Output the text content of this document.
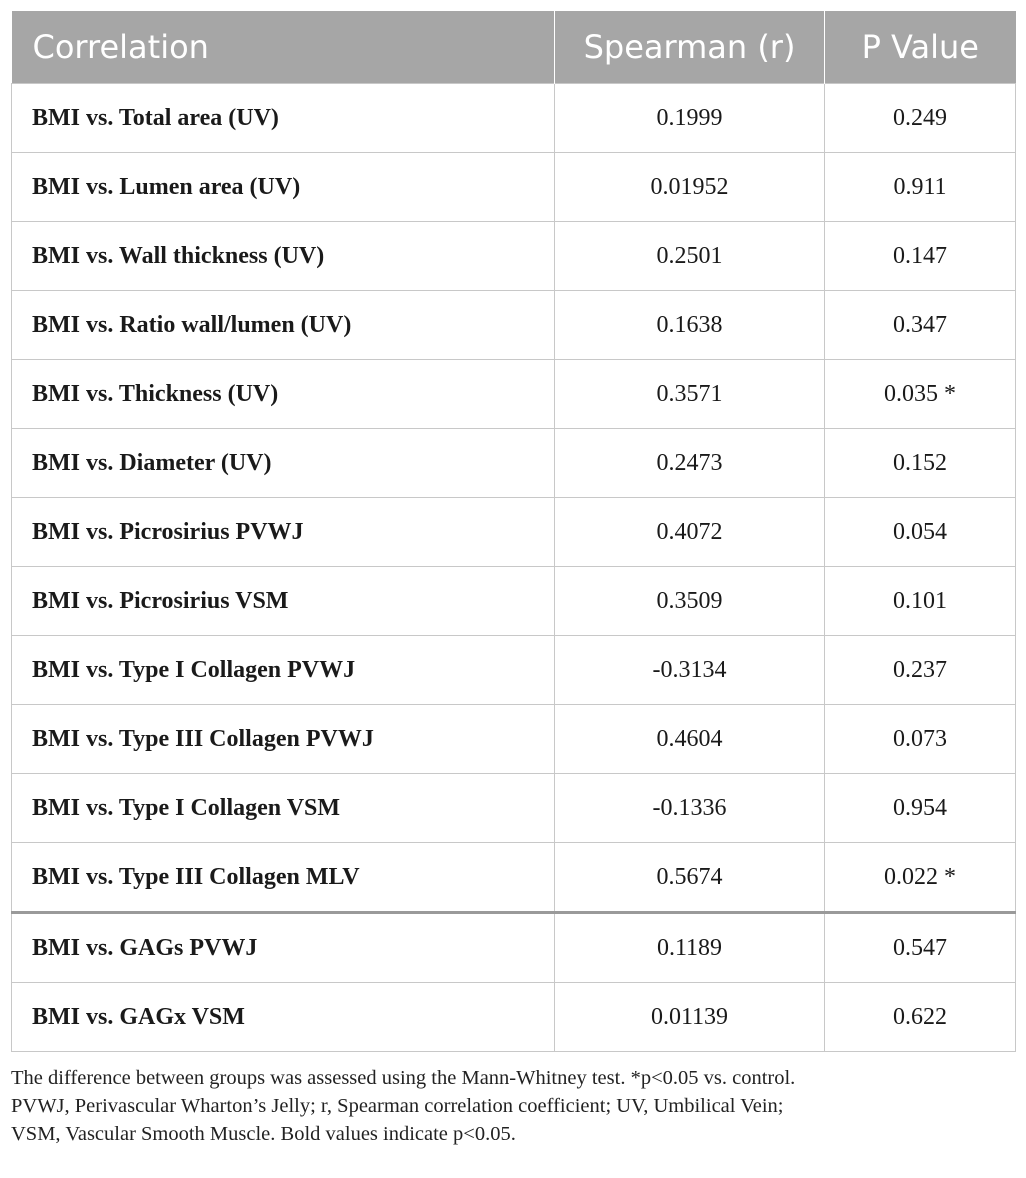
Correlation	Spearman (r)	P Value
BMI vs. Total area (UV)	0.1999	0.249
BMI vs. Lumen area (UV)	0.01952	0.911
BMI vs. Wall thickness (UV)	0.2501	0.147
BMI vs. Ratio wall/lumen (UV)	0.1638	0.347
BMI vs. Thickness (UV)	0.3571	0.035 *
BMI vs. Diameter (UV)	0.2473	0.152
BMI vs. Picrosirius PVWJ	0.4072	0.054
BMI vs. Picrosirius VSM	0.3509	0.101
BMI vs. Type I Collagen PVWJ	-0.3134	0.237
BMI vs. Type III Collagen PVWJ	0.4604	0.073
BMI vs. Type I Collagen VSM	-0.1336	0.954
BMI vs. Type III Collagen MLV	0.5674	0.022 *
BMI vs. GAGs PVWJ	0.1189	0.547
BMI vs. GAGx VSM	0.01139	0.622

The difference between groups was assessed using the Mann-Whitney test. *p<0.05 vs. control.

PVWJ, Perivascular Wharton’s Jelly; r, Spearman correlation coefficient; UV, Umbilical Vein;

VSM, Vascular Smooth Muscle. Bold values indicate p<0.05.
